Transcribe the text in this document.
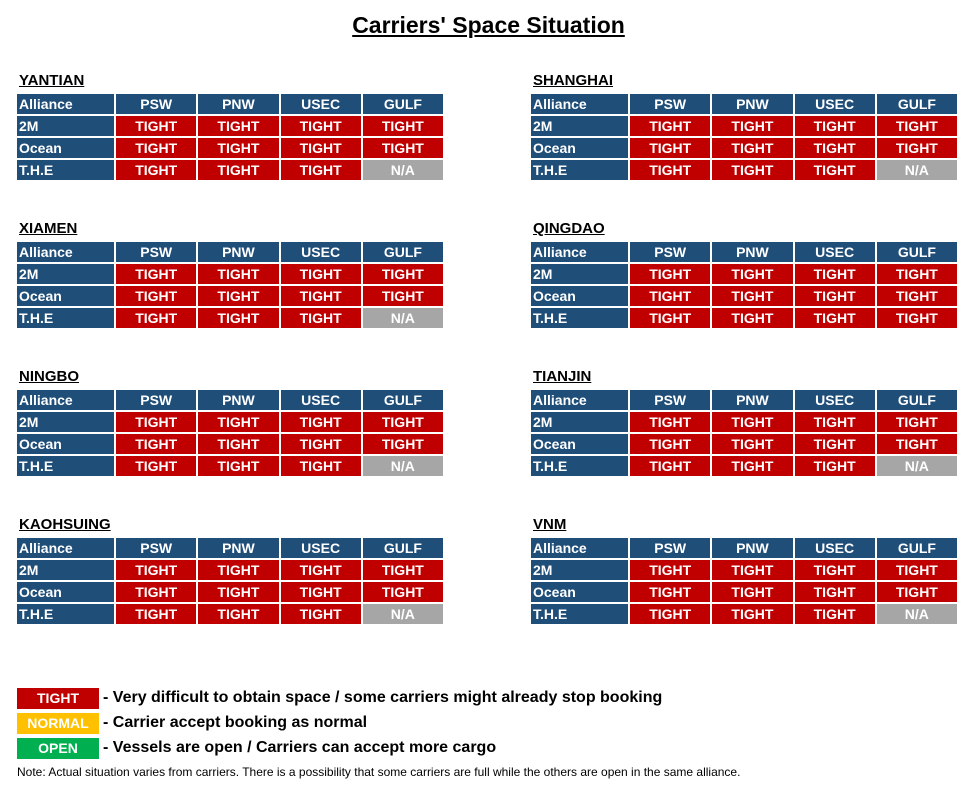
Carriers' Space Situation
YANTIAN
Alliance	PSW	PNW	USEC	GULF
2M	TIGHT	TIGHT	TIGHT	TIGHT
Ocean	TIGHT	TIGHT	TIGHT	TIGHT
T.H.E	TIGHT	TIGHT	TIGHT	N/A
SHANGHAI
Alliance	PSW	PNW	USEC	GULF
2M	TIGHT	TIGHT	TIGHT	TIGHT
Ocean	TIGHT	TIGHT	TIGHT	TIGHT
T.H.E	TIGHT	TIGHT	TIGHT	N/A
XIAMEN
Alliance	PSW	PNW	USEC	GULF
2M	TIGHT	TIGHT	TIGHT	TIGHT
Ocean	TIGHT	TIGHT	TIGHT	TIGHT
T.H.E	TIGHT	TIGHT	TIGHT	N/A
QINGDAO
Alliance	PSW	PNW	USEC	GULF
2M	TIGHT	TIGHT	TIGHT	TIGHT
Ocean	TIGHT	TIGHT	TIGHT	TIGHT
T.H.E	TIGHT	TIGHT	TIGHT	TIGHT
NINGBO
Alliance	PSW	PNW	USEC	GULF
2M	TIGHT	TIGHT	TIGHT	TIGHT
Ocean	TIGHT	TIGHT	TIGHT	TIGHT
T.H.E	TIGHT	TIGHT	TIGHT	N/A
TIANJIN
Alliance	PSW	PNW	USEC	GULF
2M	TIGHT	TIGHT	TIGHT	TIGHT
Ocean	TIGHT	TIGHT	TIGHT	TIGHT
T.H.E	TIGHT	TIGHT	TIGHT	N/A
KAOHSUING
Alliance	PSW	PNW	USEC	GULF
2M	TIGHT	TIGHT	TIGHT	TIGHT
Ocean	TIGHT	TIGHT	TIGHT	TIGHT
T.H.E	TIGHT	TIGHT	TIGHT	N/A
VNM
Alliance	PSW	PNW	USEC	GULF
2M	TIGHT	TIGHT	TIGHT	TIGHT
Ocean	TIGHT	TIGHT	TIGHT	TIGHT
T.H.E	TIGHT	TIGHT	TIGHT	N/A
TIGHT	- Very difficult to obtain space / some carriers might already stop booking
NORMAL - Carrier accept booking as normal
OPEN	- Vessels are open / Carriers can accept more cargo
Note: Actual situation varies from carriers. There is a possibility that some carriers are full while the others are open in the same alliance.
